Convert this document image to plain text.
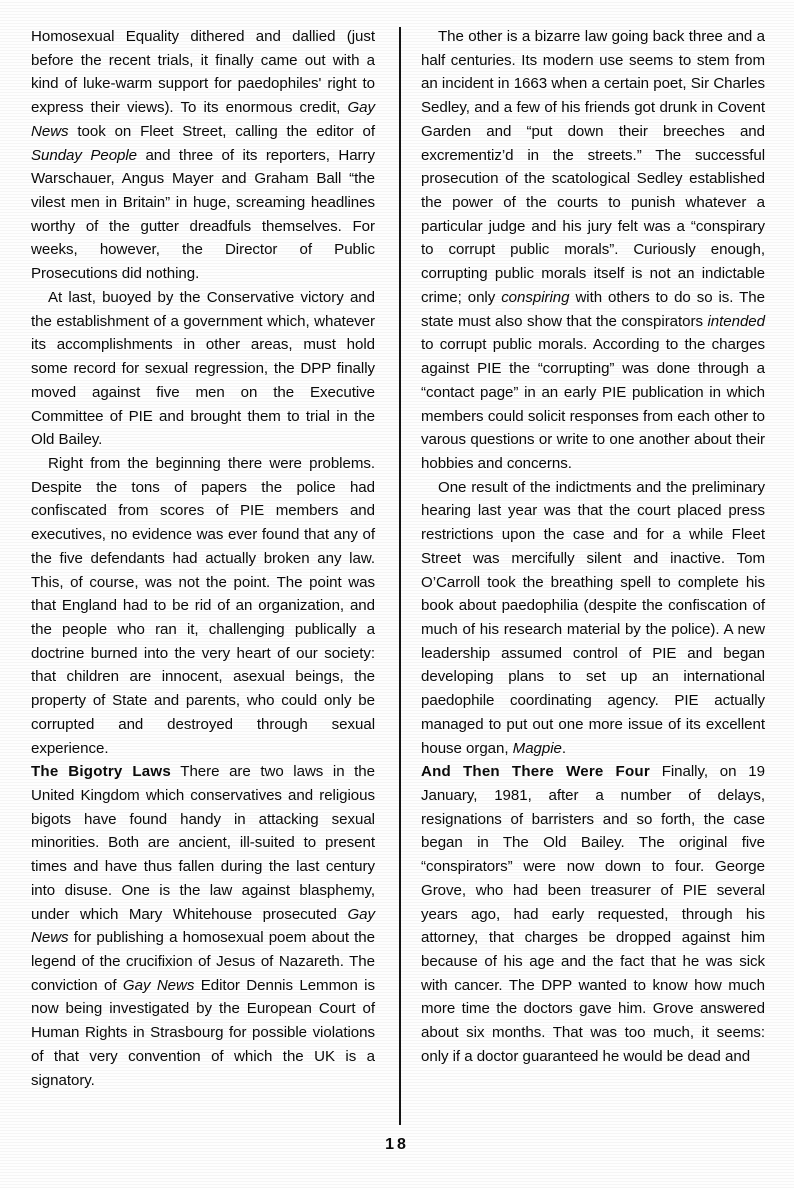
Homosexual Equality dithered and dallied (just before the recent trials, it finally came out with a kind of luke-warm support for paedophiles' right to express their views). To its enormous credit, Gay News took on Fleet Street, calling the editor of Sunday People and three of its reporters, Harry Warschauer, Angus Mayer and Graham Ball “the vilest men in Britain” in huge, screaming headlines worthy of the gutter dreadfuls themselves. For weeks, however, the Director of Public Prosecutions did nothing.

At last, buoyed by the Conservative victory and the establishment of a government which, whatever its accomplishments in other areas, must hold some record for sexual regression, the DPP finally moved against five men on the Executive Committee of PIE and brought them to trial in the Old Bailey.

Right from the beginning there were problems. Despite the tons of papers the police had confiscated from scores of PIE members and executives, no evidence was ever found that any of the five defendants had actually broken any law. This, of course, was not the point. The point was that England had to be rid of an organization, and the people who ran it, challenging publically a doctrine burned into the very heart of our society: that children are innocent, asexual beings, the property of State and parents, who could only be corrupted and destroyed through sexual experience.

The Bigotry Laws There are two laws in the United Kingdom which conservatives and religious bigots have found handy in attacking sexual minorities. Both are ancient, ill-suited to present times and have thus fallen during the last century into disuse. One is the law against blasphemy, under which Mary Whitehouse prosecuted Gay News for publishing a homosexual poem about the legend of the crucifixion of Jesus of Nazareth. The conviction of Gay News Editor Dennis Lemmon is now being investigated by the European Court of Human Rights in Strasbourg for possible violations of that very convention of which the UK is a signatory.

The other is a bizarre law going back three and a half centuries. Its modern use seems to stem from an incident in 1663 when a certain poet, Sir Charles Sedley, and a few of his friends got drunk in Covent Garden and “put down their breeches and excrementiz’d in the streets.” The successful prosecution of the scatological Sedley established the power of the courts to punish whatever a particular judge and his jury felt was a “conspirary to corrupt public morals”. Curiously enough, corrupting public morals itself is not an indictable crime; only conspiring with others to do so is. The state must also show that the conspirators intended to corrupt public morals. According to the charges against PIE the “corrupting” was done through a “contact page” in an early PIE publication in which members could solicit responses from each other to varous questions or write to one another about their hobbies and concerns.

One result of the indictments and the preliminary hearing last year was that the court placed press restrictions upon the case and for a while Fleet Street was mercifully silent and inactive. Tom O’Carroll took the breathing spell to complete his book about paedophilia (despite the confiscation of much of his research material by the police). A new leadership assumed control of PIE and began developing plans to set up an international paedophile coordinating agency. PIE actually managed to put out one more issue of its excellent house organ, Magpie.

And Then There Were Four Finally, on 19 January, 1981, after a number of delays, resignations of barristers and so forth, the case began in The Old Bailey. The original five “conspirators” were now down to four. George Grove, who had been treasurer of PIE several years ago, had early requested, through his attorney, that charges be dropped against him because of his age and the fact that he was sick with cancer. The DPP wanted to know how much more time the doctors gave him. Grove answered about six months. That was too much, it seems: only if a doctor guaranteed he would be dead and

18
